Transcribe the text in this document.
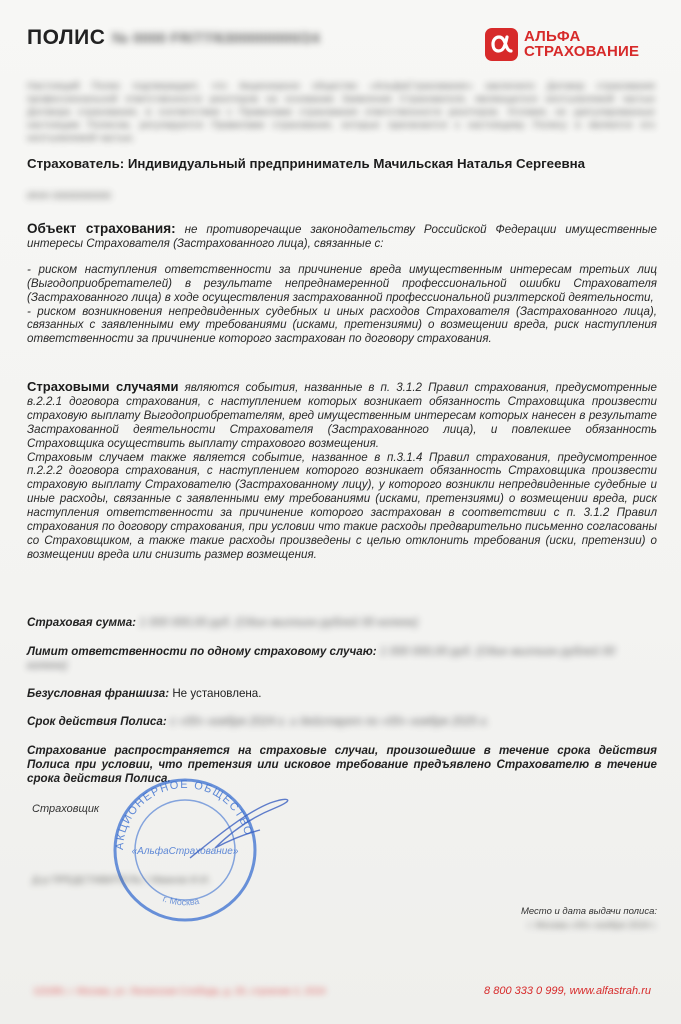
ПОЛИС № 0000 FR/77/6300000000/24	АЛЬФА
СТРАХОВАНИЕ
Настоящий Полис подтверждает, что Акционерное общество «АльфаСтрахование» заключило Договор страхования профессиональной ответственности риэлтеров на основании Заявления Страхователя, являющегося неотъемлемой частью Договора страхования, в соответствии с Правилами страхования ответственности риэлтеров. Условия, не урегулированные настоящим Полисом, регулируются Правилами страхования, которые прилагаются к настоящему Полису и являются его неотъемлемой частью.
Страхователь: Индивидуальный предприниматель Мачильская Наталья Сергеевна
ИНН 0000000000
Объект страхования: не противоречащие законодательству Российской Федерации имущественные интересы Страхователя (Застрахованного лица), связанные с:
- риском наступления ответственности за причинение вреда имущественным интересам третьих лиц (Выгодоприобретателей) в результате непреднамеренной профессиональной ошибки Страхователя (Застрахованного лица) в ходе осуществления застрахованной профессиональной риэлтерской деятельности,
- риском возникновения непредвиденных судебных и иных расходов Страхователя (Застрахованного лица), связанных с заявленными ему требованиями (исками, претензиями) о возмещении вреда, риск наступления ответственности за причинение которого застрахован по договору страхования.
Страховыми случаями являются события, названные в п. 3.1.2 Правил страхования, предусмотренные в.2.2.1 договора страхования, с наступлением которых возникает обязанность Страховщика произвести страховую выплату Выгодоприобретателям, вред имущественным интересам которых нанесен в результате Застрахованной деятельности Страхователя (Застрахованного лица), и повлекшее обязанность Страховщика осуществить выплату страхового возмещения.
Страховым случаем также является событие, названное в п.3.1.4 Правил страхования, предусмотренное п.2.2.2 договора страхования, с наступлением которого возникает обязанность Страховщика произвести страховую выплату Страхователю (Застрахованному лицу), у которого возникли непредвиденные судебные и иные расходы, связанные с заявленными ему требованиями (исками, претензиями) о возмещении вреда, риск наступления ответственности за причинение которого застрахован в соответствии с п. 3.1.2 Правил страхования по договору страхования, при условии что такие расходы предварительно письменно согласованы со Страховщиком, а также такие расходы произведены с целью отклонить требования (иски, претензии) о возмещении вреда или снизить размер возмещения.
Страховая сумма: 1 000 000,00 руб. (Один миллион рублей 00 копеек)
Лимит ответственности по одному страховому случаю: 1 000 000,00 руб. (Один миллион рублей 00 копеек)
Безусловная франшиза: Не установлена.
Срок действия Полиса: с «00» ноября 2024 г. и действует по «00» ноября 2025 г.
Страхование распространяется на страховые случаи, произошедшие в течение срока действия Полиса при условии, что претензия или исковое требование предъявлено Страхователю в течение срока действия Полиса.
Страховщик
АКЦИОНЕРНОЕ ОБЩЕСТВО
«АльфаСтрахование»
г. Москва
Д-р ПРЕДСТАВИТЕЛЬ / Иванов И.И.
Место и дата выдачи полиса:
г. Москва «00» ноября 2024 г.
115280, г. Москва, ул. Ленинская Слобода, д. 26, строение 2, 2024	8 800 333 0 999, www.alfastrah.ru
